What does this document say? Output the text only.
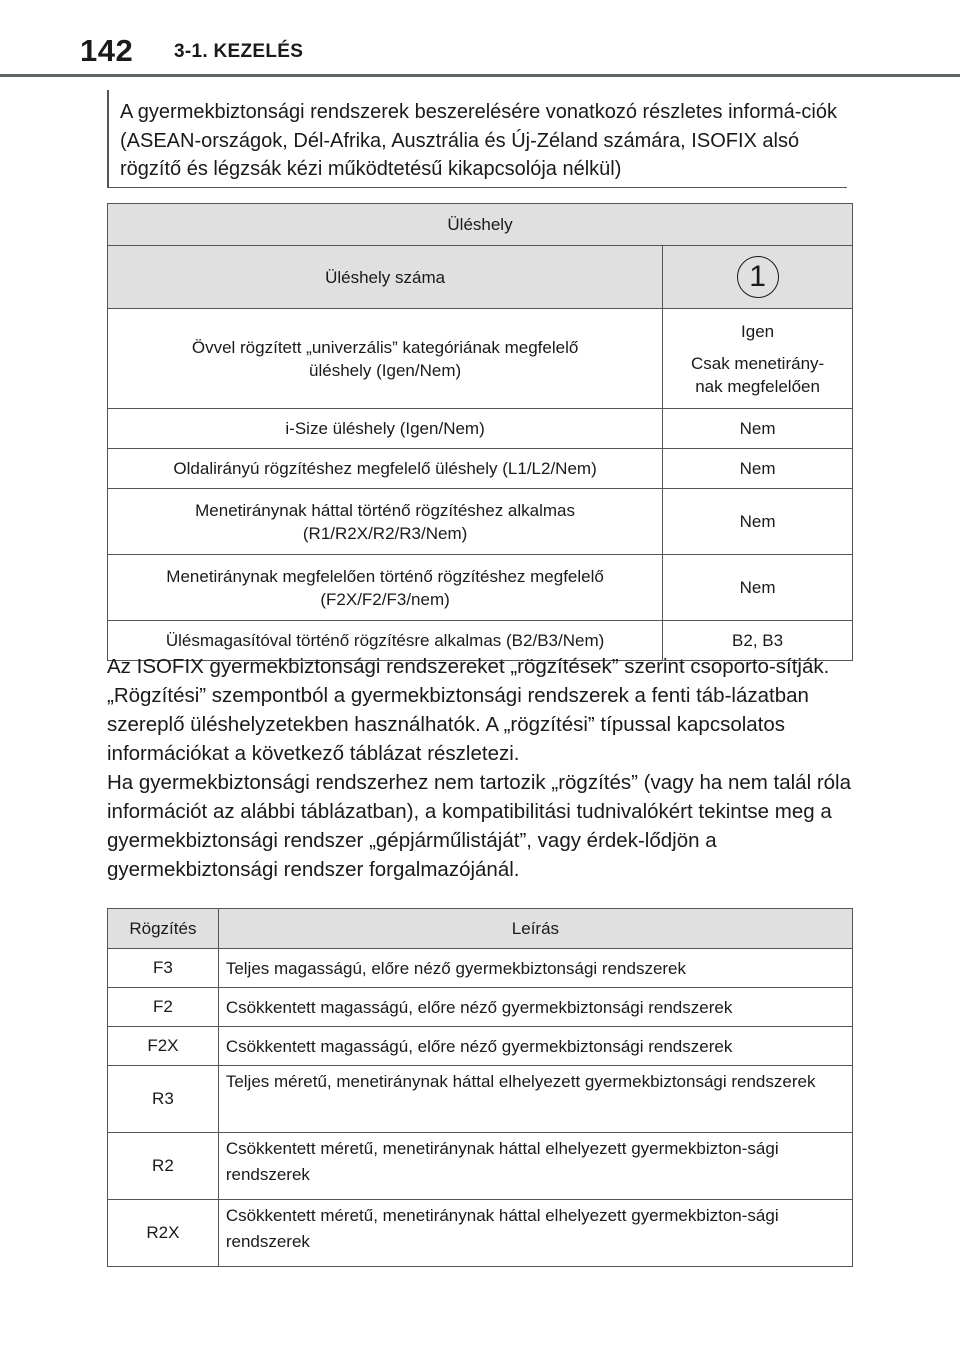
142 3-1. KEZELÉS

A gyermekbiztonsági rendszerek beszerelésére vonatkozó részletes informá-ciók (ASEAN-országok, Dél-Afrika, Ausztrália és Új-Zéland számára, ISOFIX alsó rögzítő és légzsák kézi működtetésű kikapcsolója nélkül)

Üléshely	
Üléshely száma	1
Övvel rögzített „univerzális” kategóriának megfelelő üléshely (Igen/Nem)	Igen

Csak menetirány-nak megfelelően

i-Size üléshely (Igen/Nem)	Nem
Oldalirányú rögzítéshez megfelelő üléshely (L1/L2/Nem)	Nem
Menetiránynak háttal történő rögzítéshez alkalmas (R1/R2X/R2/R3/Nem)	Nem
Menetiránynak megfelelően történő rögzítéshez megfelelő (F2X/F2/F3/nem)	Nem
Ülésmagasítóval történő rögzítésre alkalmas (B2/B3/Nem)	B2, B3

Az ISOFIX gyermekbiztonsági rendszereket „rögzítések” szerint csoporto-sítják. „Rögzítési” szempontból a gyermekbiztonsági rendszerek a fenti táb-lázatban szereplő üléshelyzetekben használhatók. A „rögzítési” típussal kapcsolatos információkat a következő táblázat részletezi.

Ha gyermekbiztonsági rendszerhez nem tartozik „rögzítés” (vagy ha nem talál róla információt az alábbi táblázatban), a kompatibilitási tudnivalókért tekintse meg a gyermekbiztonsági rendszer „gépjárműlistáját”, vagy érdek-lődjön a gyermekbiztonsági rendszer forgalmazójánál.

Rögzítés	Leírás
F3	Teljes magasságú, előre néző gyermekbiztonsági rendszerek
F2	Csökkentett magasságú, előre néző gyermekbiztonsági rendszerek
F2X	Csökkentett magasságú, előre néző gyermekbiztonsági rendszerek
R3	Teljes méretű, menetiránynak háttal elhelyezett gyermekbiztonsági rendszerek
R2	Csökkentett méretű, menetiránynak háttal elhelyezett gyermekbizton-sági rendszerek
R2X	Csökkentett méretű, menetiránynak háttal elhelyezett gyermekbizton-sági rendszerek
